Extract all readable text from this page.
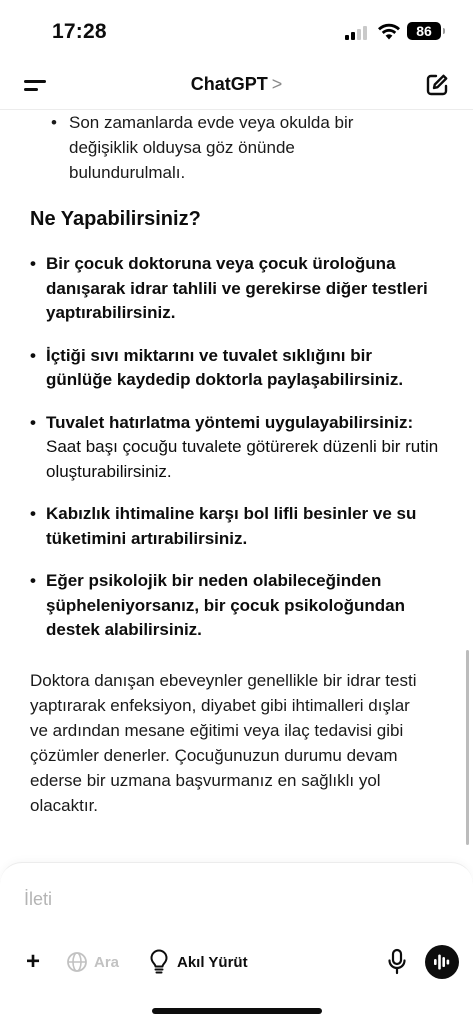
17:28	86
ChatGPT >
• Son zamanlarda evde veya okulda bir değişiklik olduysa göz önünde bulundurulmalı.
Ne Yapabilirsiniz?
• Bir çocuk doktoruna veya çocuk üroloğuna danışarak idrar tahlili ve gerekirse diğer testleri yaptırabilirsiniz.
• İçtiği sıvı miktarını ve tuvalet sıklığını bir günlüğe kaydedip doktorla paylaşabilirsiniz.
• Tuvalet hatırlatma yöntemi uygulayabilirsiniz: Saat başı çocuğu tuvalete götürerek düzenli bir rutin oluşturabilirsiniz.
• Kabızlık ihtimaline karşı bol lifli besinler ve su tüketimini artırabilirsiniz.
• Eğer psikolojik bir neden olabileceğinden şüpheleniyorsanız, bir çocuk psikoloğundan destek alabilirsiniz.

Doktora danışan ebeveynler genellikle bir idrar testi yaptırarak enfeksiyon, diyabet gibi ihtimalleri dışlar ve ardından mesane eğitimi veya ilaç tedavisi gibi çözümler denerler. Çocuğunuzun durumu devam ederse bir uzmana başvurmanız en sağlıklı yol olacaktır.

İleti
+	Ara	Akıl Yürüt
